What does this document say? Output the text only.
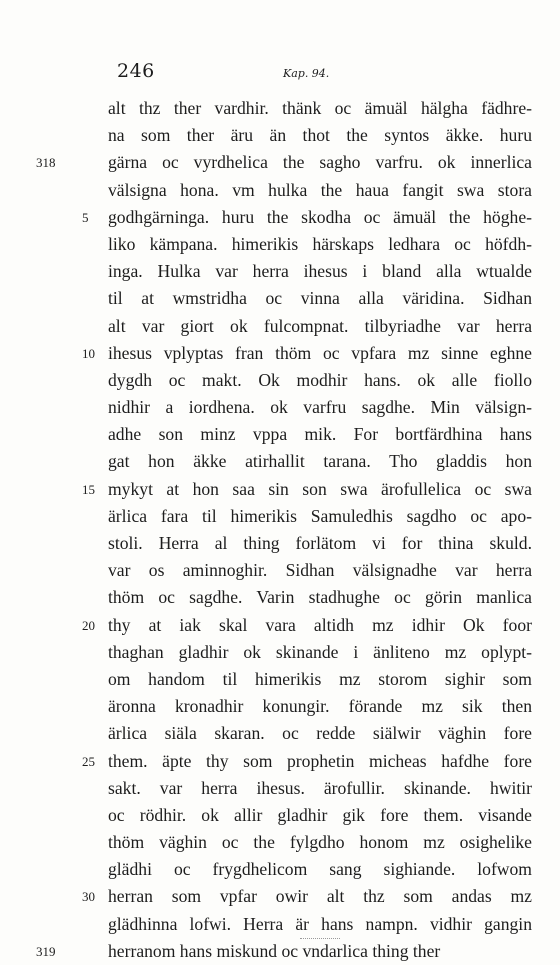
246	Kap. 94.
alt thz ther vardhir. thänk oc ämuäl hälgha fädhre-
na som ther äru än thot the syntos äkke. huru
318	gärna oc vyrdhelica the sagho varfru. ok innerlica
välsigna hona. vm hulka the haua fangit swa stora
5	godhgärninga. huru the skodha oc ämuäl the höghe-
liko kämpana. himerikis härskaps ledhara oc höfdh-
inga. Hulka var herra ihesus i bland alla wtualde
til at wmstridha oc vinna alla väridina. Sidhan
alt var giort ok fulcompnat. tilbyriadhe var herra
10 ihesus vplyptas fran thöm oc vpfara mz sinne eghne
dygdh oc makt. Ok modhir hans. ok alle fiollo
nidhir a iordhena. ok varfru sagdhe. Min välsign-
adhe son minz vppa mik. For bortfärdhina hans
gat hon äkke atirhallit tarana. Tho gladdis hon
15 mykyt at hon saa sin son swa ärofullelica oc swa
ärlica fara til himerikis Samuledhis sagdho oc apo-
stoli. Herra al thing forlätom vi for thina skuld.
var os aminnoghir. Sidhan välsignadhe var herra
thöm oc sagdhe. Varin stadhughe oc görin manlica
20 thy at iak skal vara altidh mz idhir Ok foor
thaghan gladhir ok skinande i änliteno mz oplypt-
om handom til himerikis mz storom sighir som
äronna kronadhir konungir. förande mz sik then
ärlica siäla skaran. oc redde siälwir väghin fore
25 them. äpte thy som prophetin micheas hafdhe fore
sakt. var herra ihesus. ärofullir. skinande. hwitir
oc rödhir. ok allir gladhir gik fore them. visande
thöm väghin oc the fylgdho honom mz osighelike
glädhi oc frygdhelicom sang sighiande. lofwom
30 herran som vpfar owir alt thz som andas mz
glädhinna lofwi. Herra är hans nampn. vidhir gangin
319	herranom hans miskund oc vndarlica thing ther
